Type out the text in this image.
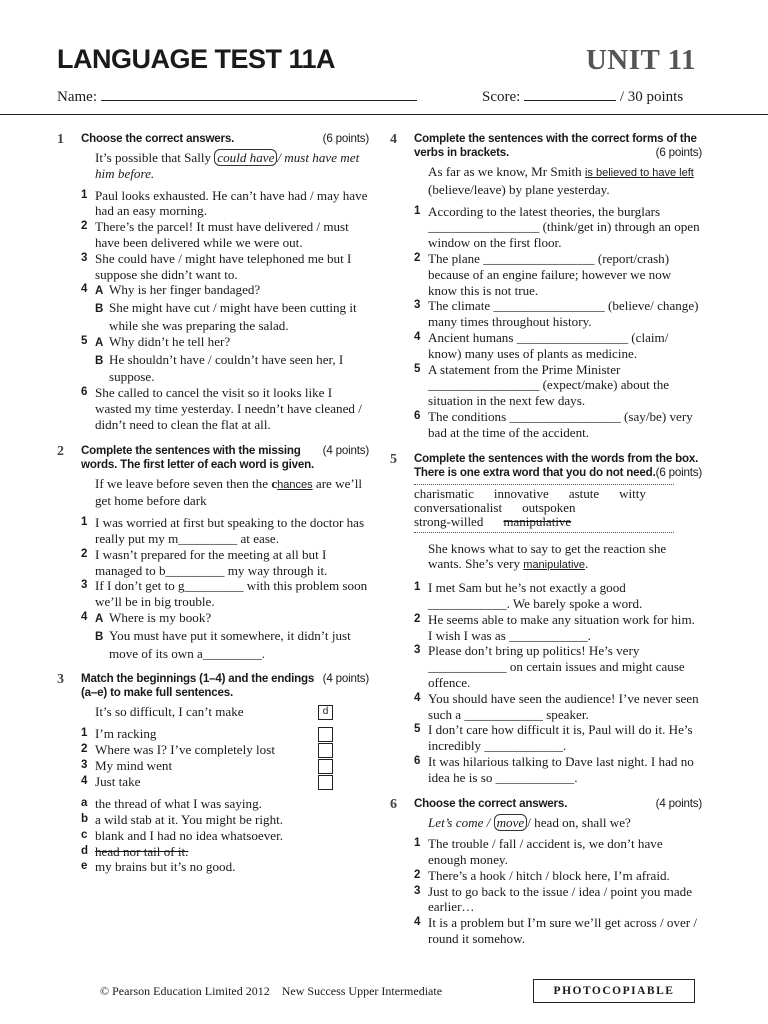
LANGUAGE TEST 11A	UNIT 11
Name:	Score:	/ 30 points
1	(6 points)
Choose the correct answers.
It’s possible that Sally could have / must have met him before.
1 Paul looks exhausted. He can’t have had / may have had an easy morning.
2 There’s the parcel! It must have delivered / must have been delivered while we were out.
3 She could have / might have telephoned me but I suppose she didn’t want to.
4 A Why is her finger bandaged?
B She might have cut / might have been cutting it while she was preparing the salad.
5 A Why didn’t he tell her?
B He shouldn’t have / couldn’t have seen her, I suppose.
6 She called to cancel the visit so it looks like I wasted my time yesterday. I needn’t have cleaned / didn’t need to clean the flat at all.
2	(4 points)
Complete the sentences with the missing words. The first letter of each word is given.
If we leave before seven then the chances are we’ll get home before dark
1 I was worried at first but speaking to the doctor has really put my m_________ at ease.
2 I wasn’t prepared for the meeting at all but I managed to b_________ my way through it.
3 If I don’t get to g_________ with this problem soon we’ll be in big trouble.
4 A Where is my book?
B You must have put it somewhere, it didn’t just move of its own a_________.
3	(4 points)
Match the beginnings (1–4) and the endings (a–e) to make full sentences.
It’s so difficult, I can’t make	d
1 I’m racking
2 Where was I? I’ve completely lost
3 My mind went
4 Just take
a the thread of what I was saying.
b a wild stab at it. You might be right.
c blank and I had no idea whatsoever.
d head nor tail of it.
e my brains but it’s no good.
4 Complete the sentences with the correct forms of the verbs in brackets.	(6 points)
As far as we know, Mr Smith is believed to have left (believe/leave) by plane yesterday.
1 According to the latest theories, the burglars _________________ (think/get in) through an open window on the first floor.
2 The plane _________________ (report/crash) because of an engine failure; however we now know this is not true.
3 The climate _________________ (believe/ change) many times throughout history.
4 Ancient humans _________________ (claim/ know) many uses of plants as medicine.
5 A statement from the Prime Minister _________________ (expect/make) about the situation in the next few days.
6 The conditions _________________ (say/be) very bad at the time of the accident.
5 Complete the sentences with the words from the box. There is one extra word that you do not need. (6 points)
charismatic innovative astute witty
conversationalist outspoken
strong-willed manipulative
She knows what to say to get the reaction she wants. She’s very manipulative.
1 I met Sam but he’s not exactly a good ____________. We barely spoke a word.
2 He seems able to make any situation work for him. I wish I was as ____________.
3 Please don’t bring up politics! He’s very ____________ on certain issues and might cause offence.
4 You should have seen the audience! I’ve never seen such a ____________ speaker.
5 I don’t care how difficult it is, Paul will do it. He’s incredibly ____________.
6 It was hilarious talking to Dave last night. I had no idea he is so ____________.
6	(4 points)
Choose the correct answers.
Let’s come / move / head on, shall we?
1 The trouble / fall / accident is, we don’t have enough money.
2 There’s a hook / hitch / block here, I’m afraid.
3 Just to go back to the issue / idea / point you made earlier…
4 It is a problem but I’m sure we’ll get across / over / round it somehow.
© Pearson Education Limited 2012 New Success Upper Intermediate	PHOTOCOPIABLE
